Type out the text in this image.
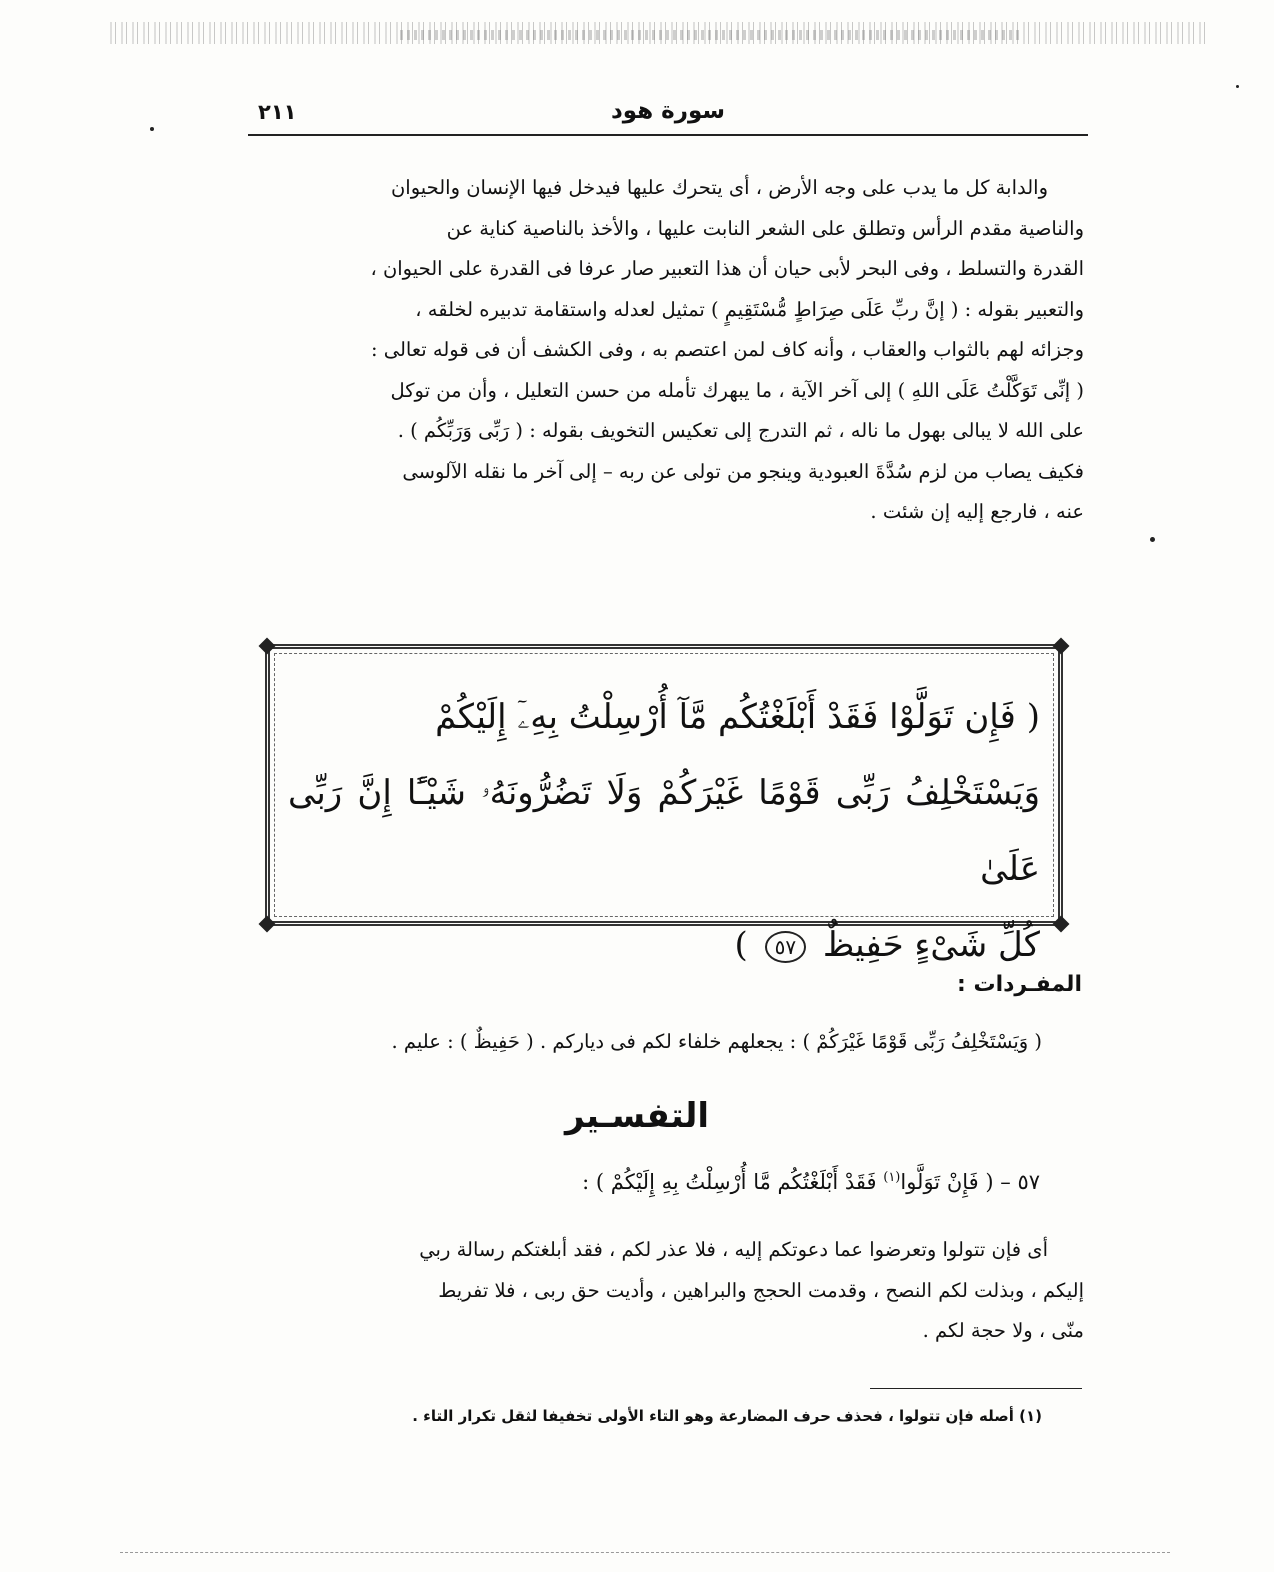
٢١١	سورة هود

والدابة كل ما يدب على وجه الأرض ، أى يتحرك عليها فيدخل فيها الإنسان والحيوان

والناصية مقدم الرأس وتطلق على الشعر النابت عليها ، والأخذ بالناصية كناية عن
القدرة والتسلط ، وفى البحر لأبى حيان أن هذا التعبير صار عرفا فى القدرة على الحيوان ،
والتعبير بقوله : ( إنَّ ربِّ عَلَى صِرَاطٍ مُّسْتَقِيمٍ ) تمثيل لعدله واستقامة تدبيره لخلقه ،
وجزائه لهم بالثواب والعقاب ، وأنه كاف لمن اعتصم به ، وفى الكشف أن فى قوله تعالى :
( إنِّى تَوَكَّلْتُ عَلَى اللهِ ) إلى آخر الآية ، ما يبهرك تأمله من حسن التعليل ، وأن من توكل
على الله لا يبالى بهول ما ناله ، ثم التدرج إلى تعكيس التخويف بقوله : ( رَبِّى وَرَبِّكُم ) .
فكيف يصاب من لزم سُدَّةَ العبودية وينجو من تولى عن ربه – إلى آخر ما نقله الآلوسى
عنه ، فارجع إليه إن شئت .
( فَإِن تَوَلَّوْا فَقَدْ أَبْلَغْتُكُم مَّآ أُرْسِلْتُ بِهِۦٓ إِلَيْكُمْ
وَيَسْتَخْلِفُ رَبِّى قَوْمًا غَيْرَكُمْ وَلَا تَضُرُّونَهُۥ شَيْـًٔا إِنَّ رَبِّى عَلَىٰ
كُلِّ شَىْءٍ حَفِيظٌ ٥٧ )
المفـردات :
( وَيَسْتَخْلِفُ رَبِّى قَوْمًا غَيْرَكُمْ ) : يجعلهم خلفاء لكم فى ديارکم . ( حَفِيظٌ ) : عليم .
التفسـير
٥٧ – ( فَإِنْ تَوَلَّوا$^{(١)}$ فَقَدْ أَبْلَغْتُكُم مَّا أُرْسِلْتُ بِهِ إِلَيْكُمْ ) :

أى فإن تتولوا وتعرضوا عما دعوتكم إليه ، فلا عذر لكم ، فقد أبلغتكم رسالة ربي

إليكم ، وبذلت لكم النصح ، وقدمت الحجج والبراهين ، وأديت حق ربى ، فلا تفريط
منّى ، ولا حجة لكم .
(١) أصله فإن تتولوا ، فحذف حرف المضارعة وهو التاء الأولى تخفيفا لثقل تكرار التاء .
